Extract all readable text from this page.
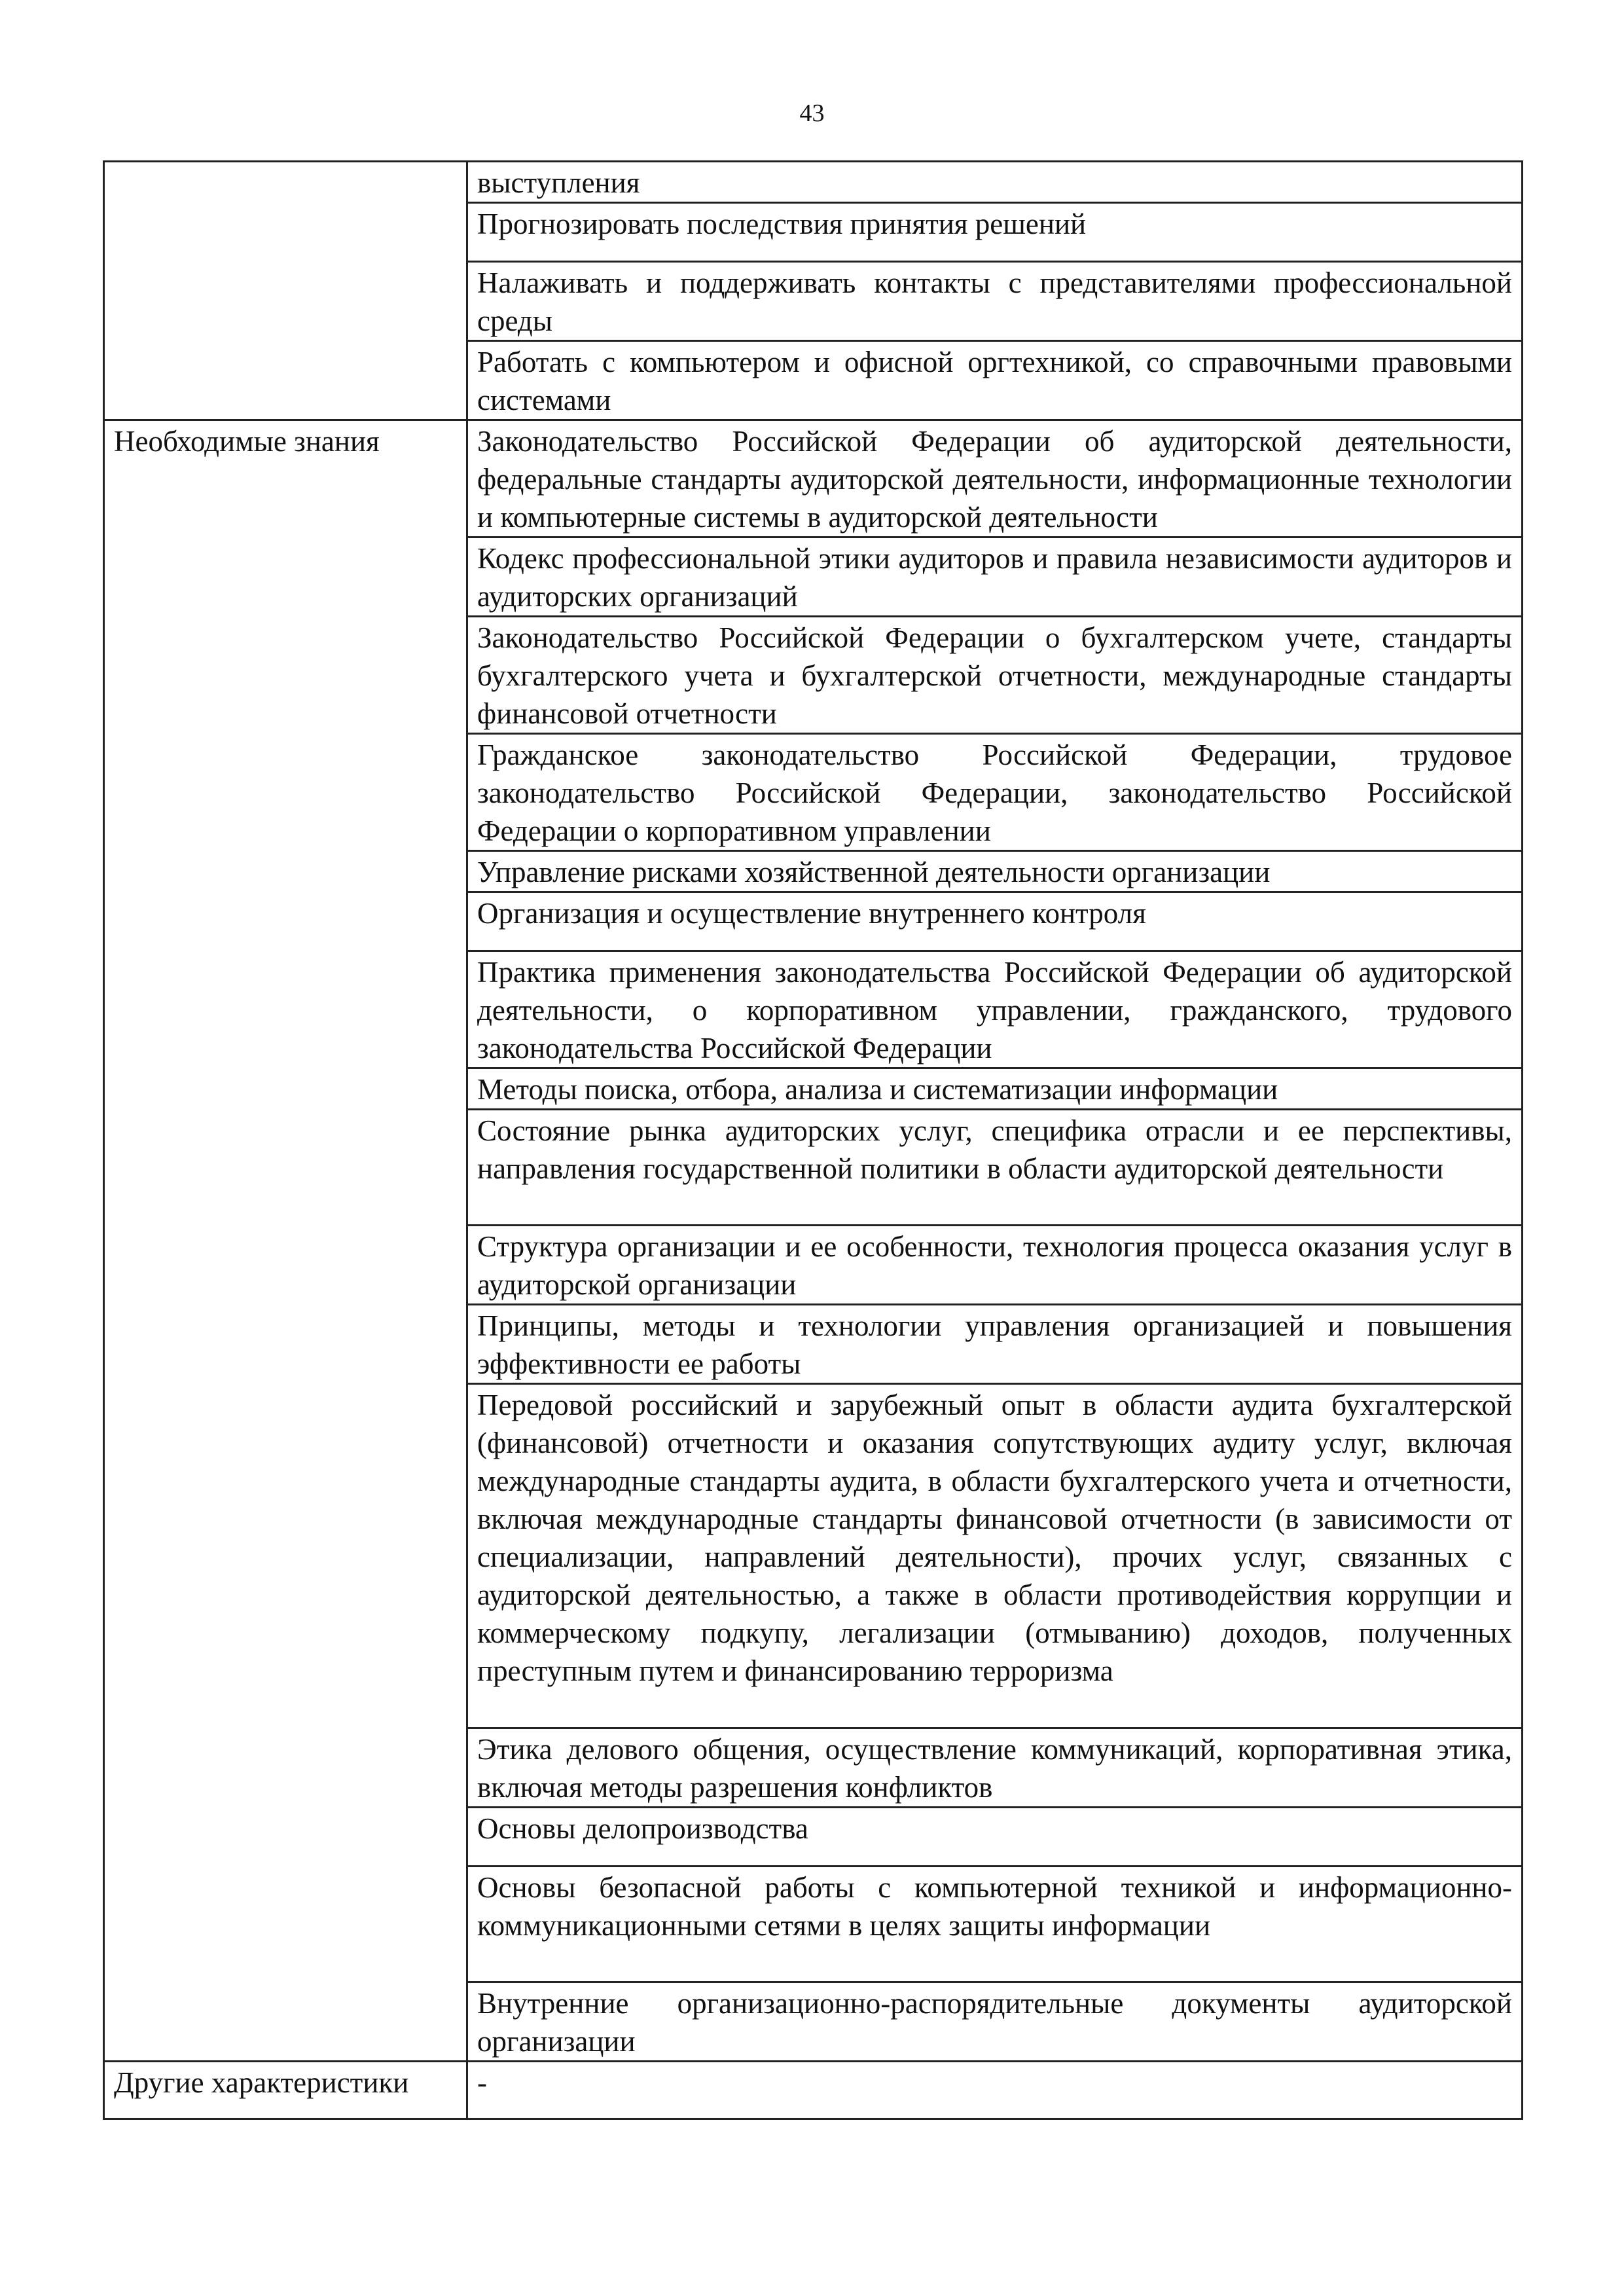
43
	выступления
	Прогнозировать последствия принятия решений
	Налаживать и поддерживать контакты с представителями профессиональной среды
	Работать с компьютером и офисной оргтехникой, со справочными правовыми системами
Необходимые знания	Законодательство Российской Федерации об аудиторской деятельности, федеральные стандарты аудиторской деятельности, информационные технологии и компьютерные системы в аудиторской деятельности
	Кодекс профессиональной этики аудиторов и правила независимости аудиторов и аудиторских организаций
	Законодательство Российской Федерации о бухгалтерском учете, стандарты бухгалтерского учета и бухгалтерской отчетности, международные стандарты финансовой отчетности
	Гражданское законодательство Российской Федерации, трудовое законодательство Российской Федерации, законодательство Российской Федерации о корпоративном управлении
	Управление рисками хозяйственной деятельности организации
	Организация и осуществление внутреннего контроля
	Практика применения законодательства Российской Федерации об аудиторской деятельности, о корпоративном управлении, гражданского, трудового законодательства Российской Федерации
	Методы поиска, отбора, анализа и систематизации информации
	Состояние рынка аудиторских услуг, специфика отрасли и ее перспективы, направления государственной политики в области аудиторской деятельности
	Структура организации и ее особенности, технология процесса оказания услуг в аудиторской организации
	Принципы, методы и технологии управления организацией и повышения эффективности ее работы
	Передовой российский и зарубежный опыт в области аудита бухгалтерской (финансовой) отчетности и оказания сопутствующих аудиту услуг, включая международные стандарты аудита, в области бухгалтерского учета и отчетности, включая международные стандарты финансовой отчетности (в зависимости от специализации, направлений деятельности), прочих услуг, связанных с аудиторской деятельностью, а также в области противодействия коррупции и коммерческому подкупу, легализации (отмыванию) доходов, полученных преступным путем и финансированию терроризма
	Этика делового общения, осуществление коммуникаций, корпоративная этика, включая методы разрешения конфликтов
	Основы делопроизводства
	Основы безопасной работы с компьютерной техникой и информационно-коммуникационными сетями в целях защиты информации
	Внутренние организационно-распорядительные документы аудиторской организации
Другие характеристики	-
